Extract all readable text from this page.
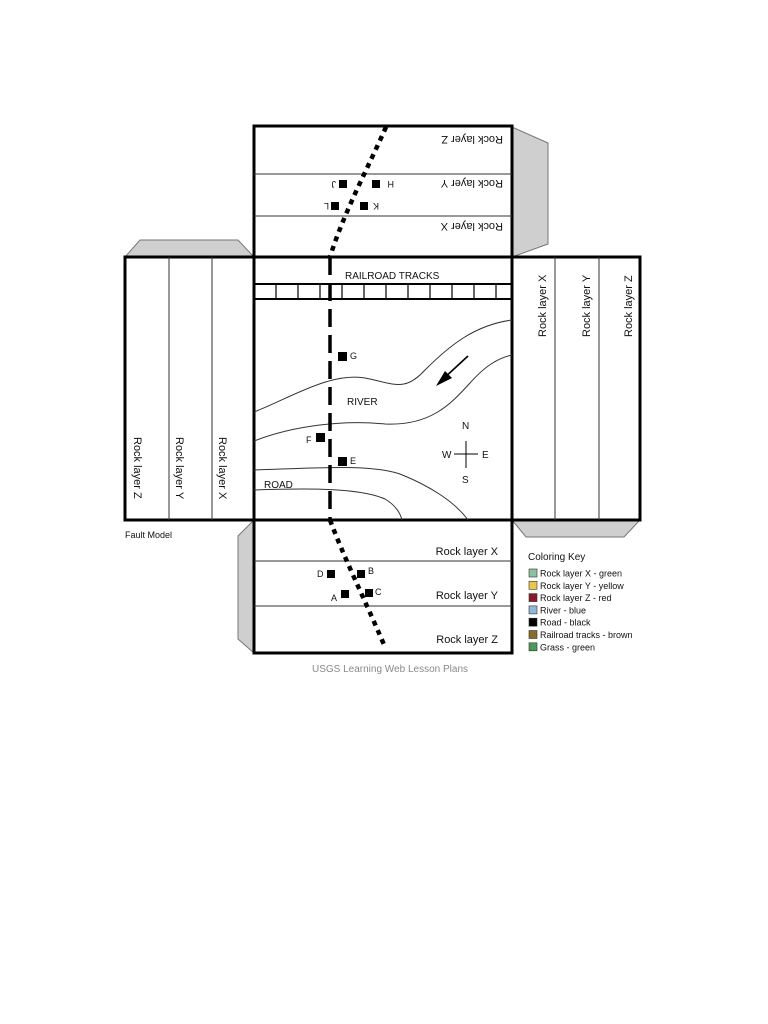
Rock layer Z
Rock layer Y
Rock layer X
Rock layer Z	Rock layer Y	Rock layer X
Rock layer X	Rock layer Y	Rock layer Z
Rock layer X
Rock layer Y
Rock layer Z
RAILROAD TRACKS
RIVER
ROAD
N
S
W	E
H
J
K
L
G
F
E
D	B
A
C
Fault Model
USGS Learning Web Lesson Plans
Coloring Key
Rock layer X - green
Rock layer Y - yellow
Rock layer Z - red
River - blue
Road - black
Railroad tracks - brown
Grass - green
